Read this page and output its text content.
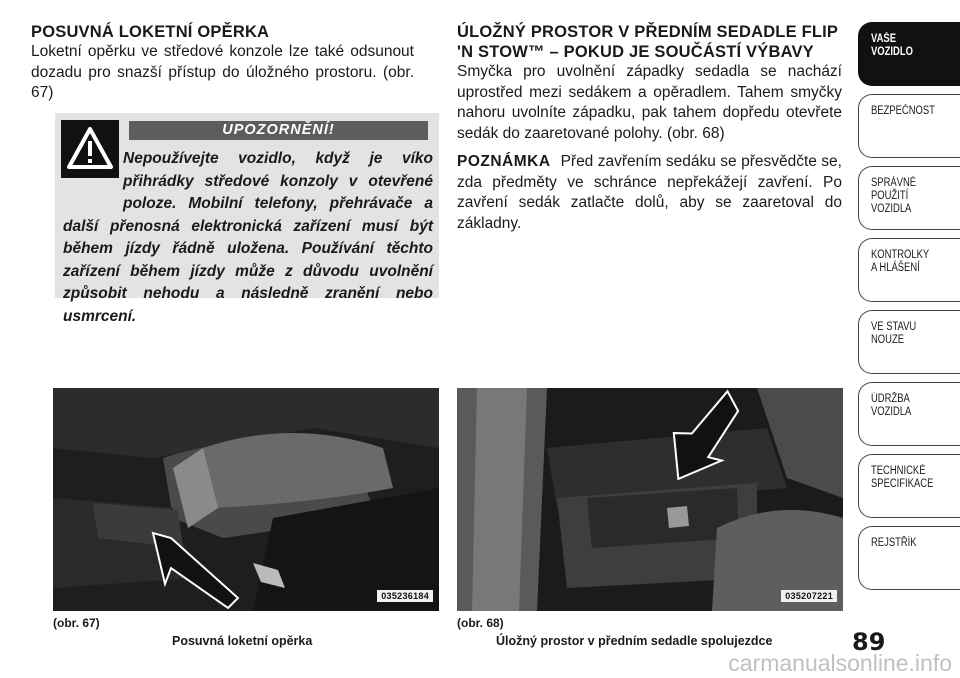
POSUVNÁ LOKETNÍ OPĚRKA

Loketní opěrku ve středové konzole lze také odsunout dozadu pro snazší přístup do úložného prostoru. (obr. 67)

UPOZORNĚNÍ!
Nepoužívejte vozidlo, když je víko přihrádky středové konzoly v otevřené poloze. Mobilní telefony, přehrávače a další přenosná elektronická zařízení musí být během jízdy řádně uložena. Používání těchto zařízení během jízdy může z důvodu uvolnění způsobit nehodu a následně zranění nebo usmrcení.
ÚLOŽNÝ PROSTOR V PŘEDNÍM SEDADLE FLIP 'N STOW™ – POKUD JE SOUČÁSTÍ VÝBAVY

Smyčka pro uvolnění západky sedadla se nachází uprostřed mezi sedákem a opěradlem. Tahem smyčky nahoru uvolníte západku, pak tahem dopředu otevřete sedák do zaaretované polohy. (obr. 68)

POZNÁMKA Před zavřením sedáku se přesvědčte se, zda předměty ve schránce nepřekážejí zavření. Po zavření sedák zatlačte dolů, aby se zaaretoval do základny.

035236184	035207221
(obr. 67)
Posuvná loketní opěrka
(obr. 68)
Úložný prostor v předním sedadle spolujezdce
VAŠE
VOZIDLO
BEZPEČNOST
SPRÁVNÉ
POUŽITÍ
VOZIDLA
KONTROLKY
A HLÁŠENÍ
VE STAVU
NOUZE
ÚDRŽBA
VOZIDLA
TECHNICKÉ
SPECIFIKACE
REJSTŘÍK
89
carmanualsonline.info
